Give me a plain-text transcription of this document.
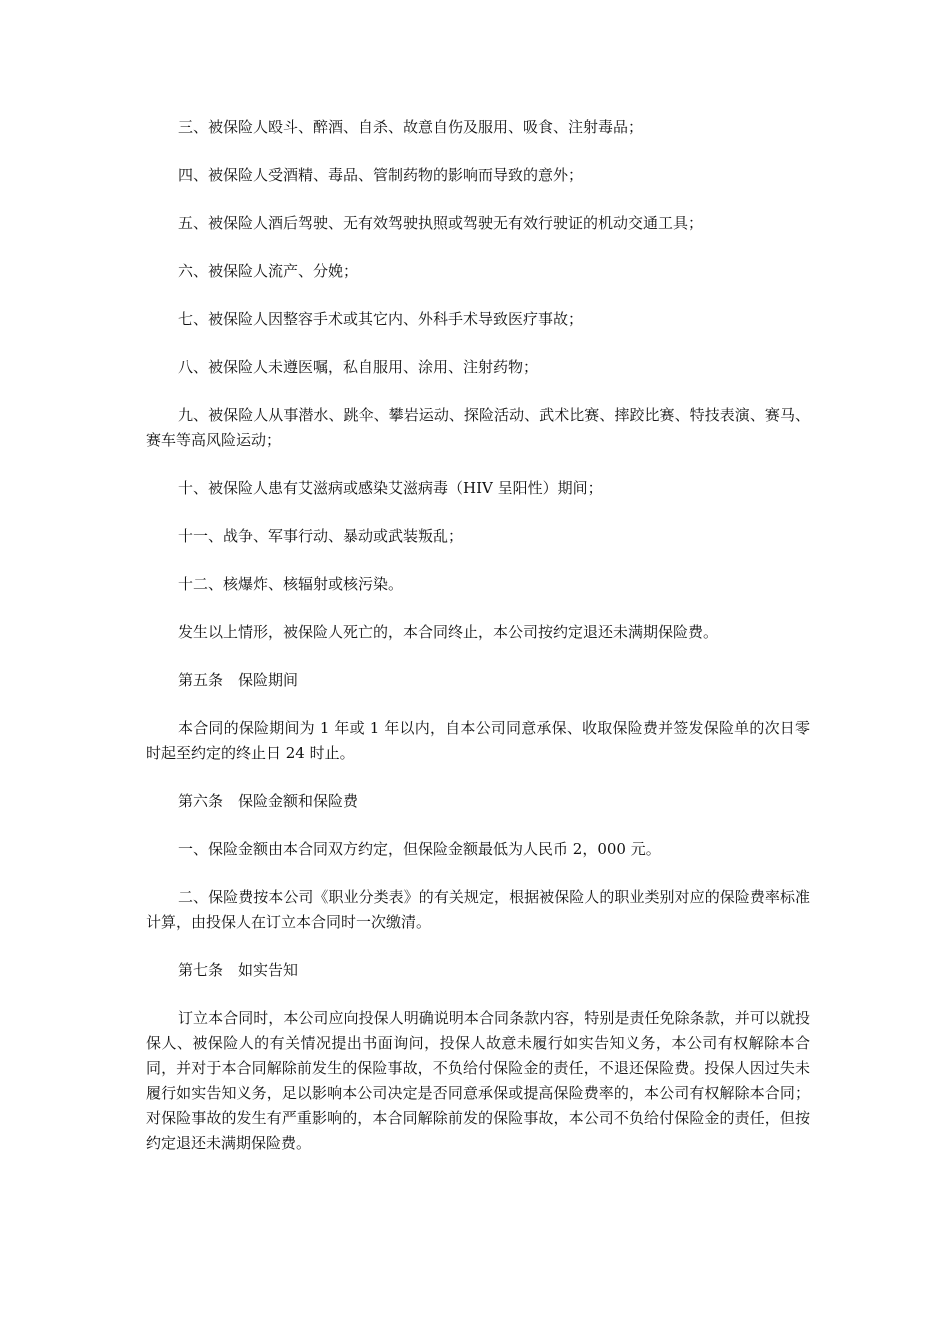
三、被保险人殴斗、醉酒、自杀、故意自伤及服用、吸食、注射毒品；

四、被保险人受酒精、毒品、管制药物的影响而导致的意外；

五、被保险人酒后驾驶、无有效驾驶执照或驾驶无有效行驶证的机动交通工具；

六、被保险人流产、分娩；

七、被保险人因整容手术或其它内、外科手术导致医疗事故；

八、被保险人未遵医嘱，私自服用、涂用、注射药物；

九、被保险人从事潜水、跳伞、攀岩运动、探险活动、武术比赛、摔跤比赛、特技表演、赛马、赛车等高风险运动；

十、被保险人患有艾滋病或感染艾滋病毒（HIV 呈阳性）期间；

十一、战争、军事行动、暴动或武装叛乱；

十二、核爆炸、核辐射或核污染。

发生以上情形，被保险人死亡的，本合同终止，本公司按约定退还未满期保险费。

第五条　保险期间

本合同的保险期间为 1 年或 1 年以内，自本公司同意承保、收取保险费并签发保险单的次日零时起至约定的终止日 24 时止。

第六条　保险金额和保险费

一、保险金额由本合同双方约定，但保险金额最低为人民币 2，000 元。

二、保险费按本公司《职业分类表》的有关规定，根据被保险人的职业类别对应的保险费率标准计算，由投保人在订立本合同时一次缴清。

第七条　如实告知

订立本合同时，本公司应向投保人明确说明本合同条款内容，特别是责任免除条款，并可以就投保人、被保险人的有关情况提出书面询问，投保人故意未履行如实告知义务，本公司有权解除本合同，并对于本合同解除前发生的保险事故，不负给付保险金的责任，不退还保险费。投保人因过失未履行如实告知义务，足以影响本公司决定是否同意承保或提高保险费率的，本公司有权解除本合同；对保险事故的发生有严重影响的，本合同解除前发的保险事故，本公司不负给付保险金的责任，但按约定退还未满期保险费。
